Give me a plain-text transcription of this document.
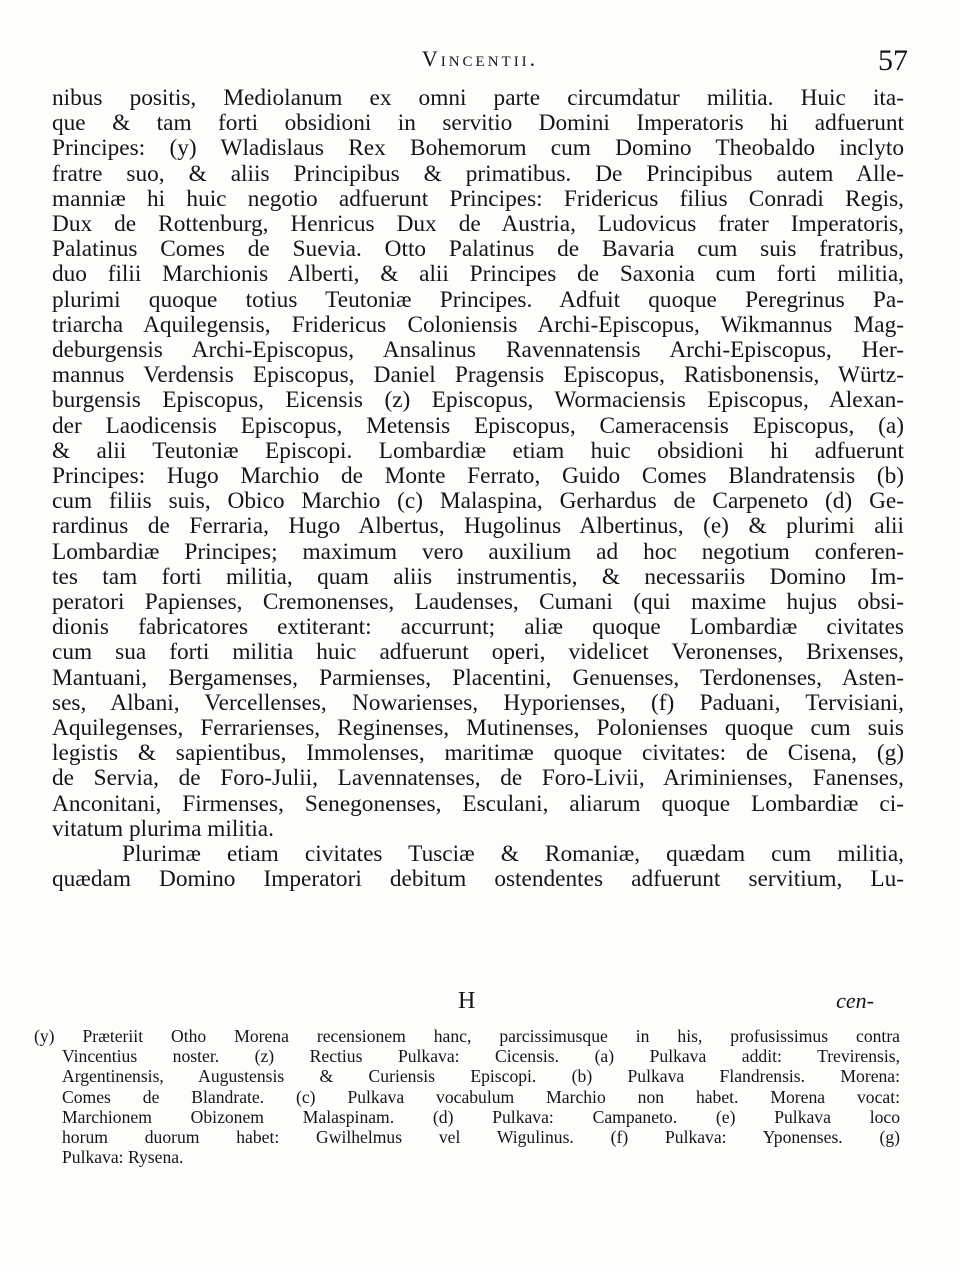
Vincentii.	57
nibus positis, Mediolanum ex omni parte circumdatur militia. Huic ita-
que & tam forti obsidioni in servitio Domini Imperatoris hi adfuerunt
Principes: (y) Wladislaus Rex Bohemorum cum Domino Theobaldo inclyto
fratre suo, & aliis Principibus & primatibus. De Principibus autem Alle-
manniæ hi huic negotio adfuerunt Principes: Fridericus filius Conradi Regis,
Dux de Rottenburg, Henricus Dux de Austria, Ludovicus frater Imperatoris,
Palatinus Comes de Suevia. Otto Palatinus de Bavaria cum suis fratribus,
duo filii Marchionis Alberti, & alii Principes de Saxonia cum forti militia,
plurimi quoque totius Teutoniæ Principes. Adfuit quoque Peregrinus Pa-
triarcha Aquilegensis, Fridericus Coloniensis Archi-Episcopus, Wikmannus Mag-
deburgensis Archi-Episcopus, Ansalinus Ravennatensis Archi-Episcopus, Her-
mannus Verdensis Episcopus, Daniel Pragensis Episcopus, Ratisbonensis, Würtz-
burgensis Episcopus, Eicensis (z) Episcopus, Wormaciensis Episcopus, Alexan-
der Laodicensis Episcopus, Metensis Episcopus, Cameracensis Episcopus, (a)
& alii Teutoniæ Episcopi. Lombardiæ etiam huic obsidioni hi adfuerunt
Principes: Hugo Marchio de Monte Ferrato, Guido Comes Blandratensis (b)
cum filiis suis, Obico Marchio (c) Malaspina, Gerhardus de Carpeneto (d) Ge-
rardinus de Ferraria, Hugo Albertus, Hugolinus Albertinus, (e) & plurimi alii
Lombardiæ Principes; maximum vero auxilium ad hoc negotium conferen-
tes tam forti militia, quam aliis instrumentis, & necessariis Domino Im-
peratori Papienses, Cremonenses, Laudenses, Cumani (qui maxime hujus obsi-
dionis fabricatores extiterant: accurrunt; aliæ quoque Lombardiæ civitates
cum sua forti militia huic adfuerunt operi, videlicet Veronenses, Brixenses,
Mantuani, Bergamenses, Parmienses, Placentini, Genuenses, Terdonenses, Asten-
ses, Albani, Vercellenses, Nowarienses, Hyporienses, (f) Paduani, Tervisiani,
Aquilegenses, Ferrarienses, Reginenses, Mutinenses, Polonienses quoque cum suis
legistis & sapientibus, Immolenses, maritimæ quoque civitates: de Cisena, (g)
de Servia, de Foro-Julii, Lavennatenses, de Foro-Livii, Ariminienses, Fanenses,
Anconitani, Firmenses, Senegonenses, Esculani, aliarum quoque Lombardiæ ci-
vitatum plurima militia.
Plurimæ etiam civitates Tusciæ & Romaniæ, quædam cum militia,
quædam Domino Imperatori debitum ostendentes adfuerunt servitium, Lu-
H	cen-
(y) Præteriit Otho Morena recensionem hanc, parcissimusque in his, profusissimus contra
Vincentius noster. (z) Rectius Pulkava: Cicensis. (a) Pulkava addit: Trevirensis,
Argentinensis, Augustensis & Curiensis Episcopi. (b) Pulkava Flandrensis. Morena:
Comes de Blandrate. (c) Pulkava vocabulum Marchio non habet. Morena vocat:
Marchionem Obizonem Malaspinam. (d) Pulkava: Campaneto. (e) Pulkava loco
horum duorum habet: Gwilhelmus vel Wigulinus. (f) Pulkava: Yponenses. (g)
Pulkava: Rysena.
